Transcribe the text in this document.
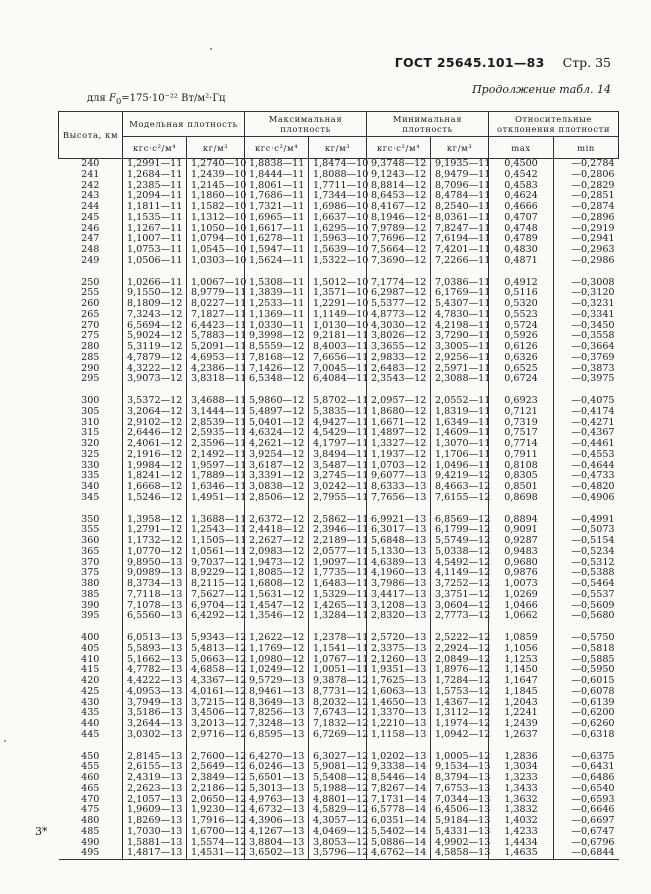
ГОСТ 25645.101—83 Стр. 35
Продолжение табл. 14
для $F_0=175\cdot 10^{-22}$ Вт/м²·Гц
Высота, км	Модельная плотность		Максимальная плотность		Минимальная плотность		Относительные отклонения плотности	
	кгс·с²/м⁴	кг/м³	кгс·с²/м⁴	кг/м³	кгс·с²/м⁴	кг/м³	max	min
240	1,2991—11	1,2740—10	1,8838—11	1,8474—10	9,3748—12	9,1935—11	0,4500	—0,2784
241	1,2684—11	1,2439—10	1,8444—11	1,8088—10	9,1243—12	8,9479—11	0,4542	—0,2806
242	1,2385—11	1,2145—10	1,8061—11	1,7711—10	8,8814—12	8,7096—11	0,4583	—0,2829
243	1,2094—11	1,1860—10	1,7686—11	1,7344—10	8,6453—12	8,4784—11	0,4624	—0,2851
244	1,1811—11	1,1582—10	1,7321—11	1,6986—10	8,4167—12	8,2540—11	0,4666	—0,2874
245	1,1535—11	1,1312—10	1,6965—11	1,6637—10	8,1946—12	8,0361—11	0,4707	—0,2896
246	1,1267—11	1,1050—10	1,6617—11	1,6295—10	7,9789—12	7,8247—11	0,4748	—0,2919
247	1,1007—11	1,0794—10	1,6278—11	1,5963—10	7,7696—12	7,6194—11	0,4789	—0,2941
248	1,0753—11	1,0545—10	1,5947—11	1,5639—10	7,5664—12	7,4201—11	0,4830	—0,2963
249	1,0506—11	1,0303—10	1,5624—11	1,5322—10	7,3690—12	7,2266—11	0,4871	—0,2986

250	1,0266—11	1,0067—10	1,5308—11	1,5012—10	7,1774—12	7,0386—11	0,4912	—0,3008
255	9,1550—12	8,9779—11	1,3839—11	1,3571—10	6,2987—12	6,1769—11	0,5116	—0,3120
260	8,1809—12	8,0227—11	1,2533—11	1,2291—10	5,5377—12	5,4307—11	0,5320	—0,3231
265	7,3243—12	7,1827—11	1,1369—11	1,1149—10	4,8773—12	4,7830—11	0,5523	—0,3341
270	6,5694—12	6,4423—11	1,0330—11	1,0130—10	4,3030—12	4,2198—11	0,5724	—0,3450
275	5,9024—12	5,7883—11	9,3998—12	9,2181—11	3,8026—12	3,7290—11	0,5926	—0,3558
280	5,3119—12	5,2091—11	8,5559—12	8,4003—11	3,3655—12	3,3005—11	0,6126	—0,3664
285	4,7879—12	4,6953—11	7,8168—12	7,6656—11	2,9833—12	2,9256—11	0,6326	—0,3769
290	4,3222—12	4,2386—11	7,1426—12	7,0045—11	2,6483—12	2,5971—11	0,6525	—0,3873
295	3,9073—12	3,8318—11	6,5348—12	6,4084—11	2,3543—12	2,3088—11	0,6724	—0,3975

300	3,5372—12	3,4688—11	5,9860—12	5,8702—11	2,0957—12	2,0552—11	0,6923	—0,4075
305	3,2064—12	3,1444—11	5,4897—12	5,3835—11	1,8680—12	1,8319—11	0,7121	—0,4174
310	2,9102—12	2,8539—11	5,0401—12	4,9427—11	1,6671—12	1,6349—11	0,7319	—0,4271
315	2,6446—12	2,5935—11	4,6324—12	4,5429—11	1,4897—12	1,4609—11	0,7517	—0,4367
320	2,4061—12	2,3596—11	4,2621—12	4,1797—11	1,3327—12	1,3070—11	0,7714	—0,4461
325	2,1916—12	2,1492—11	3,9254—12	3,8494—11	1,1937—12	1,1706—11	0,7911	—0,4553
330	1,9984—12	1,9597—11	3,6187—12	3,5487—11	1,0703—12	1,0496—11	0,8108	—0,4644
335	1,8241—12	1,7889—11	3,3391—12	3,2745—11	9,6077—13	9,4219—12	0,8305	—0,4733
340	1,6668—12	1,6346—11	3,0838—12	3,0242—11	8,6333—13	8,4663—12	0,8501	—0,4820
345	1,5246—12	1,4951—11	2,8506—12	2,7955—11	7,7656—13	7,6155—12	0,8698	—0,4906

350	1,3958—12	1,3688—11	2,6372—12	2,5862—11	6,9921—13	6,8569—12	0,8894	—0,4991
355	1,2791—12	1,2543—11	2,4418—12	2,3946—11	6,3017—13	6,1799—12	0,9091	—0,5073
360	1,1732—12	1,1505—11	2,2627—12	2,2189—11	5,6848—13	5,5749—12	0,9287	—0,5154
365	1,0770—12	1,0561—11	2,0983—12	2,0577—11	5,1330—13	5,0338—12	0,9483	—0,5234
370	9,8950—13	9,7037—12	1,9473—12	1,9097—11	4,6389—13	4,5492—12	0,9680	—0,5312
375	9,0989—13	8,9229—12	1,8085—12	1,7735—11	4,1960—13	4,1149—12	0,9876	—0,5388
380	8,3734—13	8,2115—12	1,6808—12	1,6483—11	3,7986—13	3,7252—12	1,0073	—0,5464
385	7,7118—13	7,5627—12	1,5631—12	1,5329—11	3,4417—13	3,3751—12	1,0269	—0,5537
390	7,1078—13	6,9704—12	1,4547—12	1,4265—11	3,1208—13	3,0604—12	1,0466	—0,5609
395	6,5560—13	6,4292—12	1,3546—12	1,3284—11	2,8320—13	2,7773—12	1,0662	—0,5680

400	6,0513—13	5,9343—12	1,2622—12	1,2378—11	2,5720—13	2,5222—12	1,0859	—0,5750
405	5,5893—13	5,4813—12	1,1769—12	1,1541—11	2,3375—13	2,2924—12	1,1056	—0,5818
410	5,1662—13	5,0663—12	1,0980—12	1,0767—11	2,1260—13	2,0849—12	1,1253	—0,5885
415	4,7782—13	4,6858—12	1,0249—12	1,0051—11	1,9351—13	1,8976—12	1,1450	—0,5950
420	4,4222—13	4,3367—12	9,5729—13	9,3878—12	1,7625—13	1,7284—12	1,1647	—0,6015
425	4,0953—13	4,0161—12	8,9461—13	8,7731—12	1,6063—13	1,5753—12	1,1845	—0,6078
430	3,7949—13	3,7215—12	8,3649—13	8,2032—12	1,4650—13	1,4367—12	1,2043	—0,6139
435	3,5186—13	3,4506—12	7,8256—13	7,6743—12	1,3370—13	1,3112—12	1,2241	—0,6200
440	3,2644—13	3,2013—12	7,3248—13	7,1832—12	1,2210—13	1,1974—12	1,2439	—0,6260
445	3,0302—13	2,9716—12	6,8595—13	6,7269—12	1,1158—13	1,0942—12	1,2637	—0,6318

450	2,8145—13	2,7600—12	6,4270—13	6,3027—12	1,0202—13	1,0005—12	1,2836	—0,6375
455	2,6155—13	2,5649—12	6,0246—13	5,9081—12	9,3338—14	9,1534—13	1,3034	—0,6431
460	2,4319—13	2,3849—12	5,6501—13	5,5408—12	8,5446—14	8,3794—13	1,3233	—0,6486
465	2,2623—13	2,2186—12	5,3013—13	5,1988—12	7,8267—14	7,6753—13	1,3433	—0,6540
470	2,1057—13	2,0650—12	4,9763—13	4,8801—12	7,1731—14	7,0344—13	1,3632	—0,6593
475	1,9609—13	1,9230—12	4,6732—13	4,5829—12	6,5778—14	6,4506—13	1,3832	—0,6646
480	1,8269—13	1,7916—12	4,3906—13	4,3057—12	6,0351—14	5,9184—13	1,4032	—0,6697
485	1,7030—13	1,6700—12	4,1267—13	4,0469—12	5,5402—14	5,4331—13	1,4233	—0,6747
490	1,5881—13	1,5574—12	3,8804—13	3,8053—12	5,0886—14	4,9902—13	1,4434	—0,6796
495	1,4817—13	1,4531—12	3,6502—13	3,5796—12	4,6762—14	4,5858—13	1,4635	—0,6844
3*
